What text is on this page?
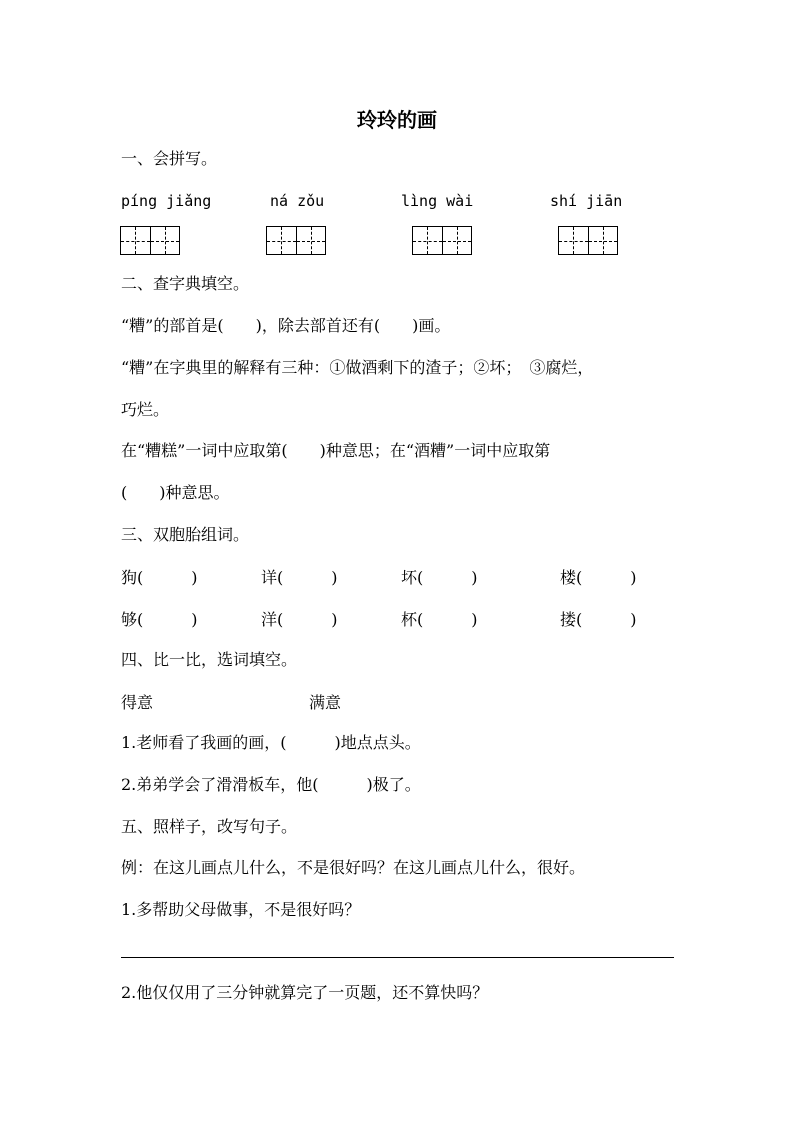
玲玲的画
一、会拼写。
píng jiǎng	ná zǒu	lìng wài	shí jiān
二、查字典填空。
“糟”的部首是(　　)，除去部首还有(　　)画。
“糟”在字典里的解释有三种：①做酒剩下的渣子；②坏；　③腐烂，
巧烂。
在“糟糕”一词中应取第(　　)种意思；在“酒糟”一词中应取第
(　　)种意思。
三、双胞胎组词。
狗(　　　)	详(　　　)	坏(　　　)	楼(　　　)
够(　　　)	洋(　　　)	杯(　　　)	搂(　　　)
四、比一比，选词填空。
得意	满意
1.老师看了我画的画，(　　　)地点点头。
2.弟弟学会了滑滑板车，他(　　　)极了。
五、照样子，改写句子。
例：在这儿画点儿什么，不是很好吗？在这儿画点儿什么，很好。
1.多帮助父母做事，不是很好吗？
2.他仅仅用了三分钟就算完了一页题，还不算快吗？
